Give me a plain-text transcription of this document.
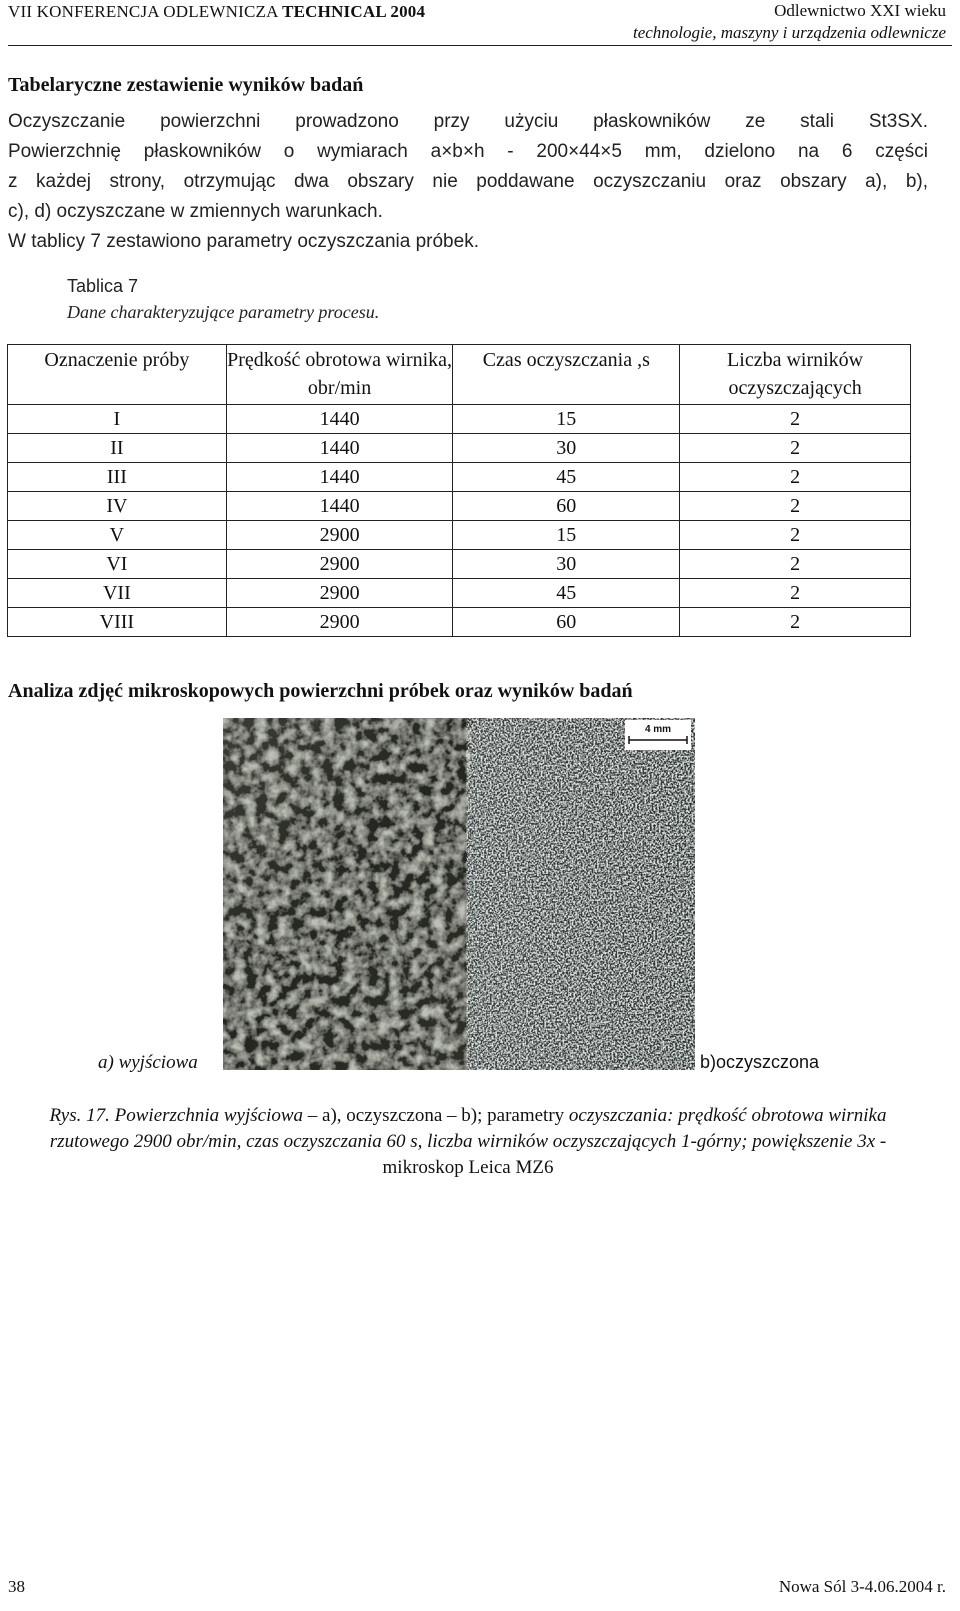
VII KONFERENCJA ODLEWNICZA TECHNICAL 2004	Odlewnictwo XXI wieku
technologie, maszyny i urządzenia odlewnicze
Tabelaryczne zestawienie wyników badań
Oczyszczanie powierzchni prowadzono przy użyciu płaskowników ze stali St3SX.
Powierzchnię płaskowników o wymiarach a×b×h - 200×44×5 mm, dzielono na 6 części
z każdej strony, otrzymując dwa obszary nie poddawane oczyszczaniu oraz obszary a), b),
c), d) oczyszczane w zmiennych warunkach.
W tablicy 7 zestawiono parametry oczyszczania próbek.
Tablica 7
Dane charakteryzujące parametry procesu.
Oznaczenie próby	Prędkość obrotowa wirnika, obr/min	Czas oczyszczania ,s	Liczba wirników oczyszczających
I	1440	15	2
II	1440	30	2
III	1440	45	2
IV	1440	60	2
V	2900	15	2
VI	2900	30	2
VII	2900	45	2
VIII	2900	60	2
Analiza zdjęć mikroskopowych powierzchni próbek oraz wyników badań
4 mm
a) wyjściowa	b)oczyszczona
Rys. 17. Powierzchnia wyjściowa – a), oczyszczona – b); parametry oczyszczania: prędkość obrotowa wirnika rzutowego 2900 obr/min, czas oczyszczania 60 s, liczba wirników oczyszczających 1-górny; powiększenie 3x - mikroskop Leica MZ6
38	Nowa Sól 3-4.06.2004 r.
